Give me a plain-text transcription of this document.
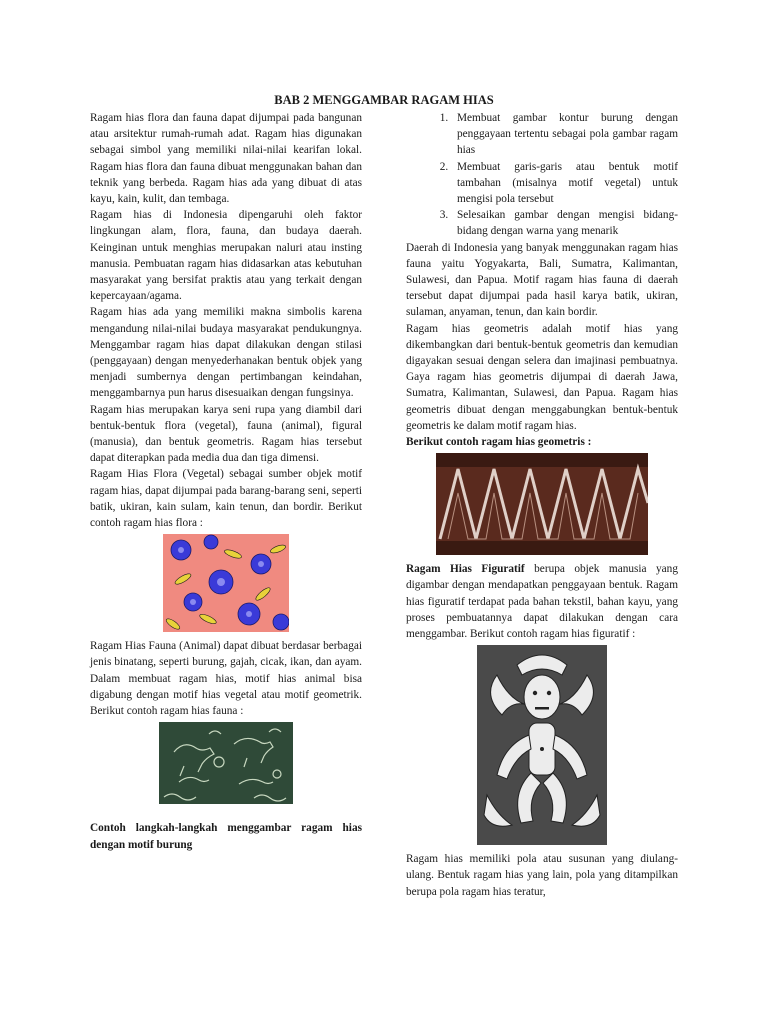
BAB 2 MENGGAMBAR RAGAM HIAS

Ragam hias flora dan fauna dapat dijumpai pada bangunan atau arsitektur rumah-rumah adat. Ragam hias digunakan sebagai simbol yang memiliki nilai-nilai kearifan lokal. Ragam hias flora dan fauna dibuat menggunakan bahan dan teknik yang berbeda. Ragam hias ada yang dibuat di atas kayu, kain, kulit, dan tembaga.

Ragam hias di Indonesia dipengaruhi oleh faktor lingkungan alam, flora, fauna, dan budaya daerah. Keinginan untuk menghias merupakan naluri atau insting manusia. Pembuatan ragam hias didasarkan atas kebutuhan masyarakat yang bersifat praktis atau yang terkait dengan kepercayaan/agama.

Ragam hias ada yang memiliki makna simbolis karena mengandung nilai-nilai budaya masyarakat pendukungnya. Menggambar ragam hias dapat dilakukan dengan stilasi (penggayaan) dengan menyederhanakan bentuk objek yang menjadi sumbernya dengan pertimbangan keindahan, menggambarnya pun harus disesuaikan dengan fungsinya.

Ragam hias merupakan karya seni rupa yang diambil dari bentuk-bentuk flora (vegetal), fauna (animal), figural (manusia), dan bentuk geometris. Ragam hias tersebut dapat diterapkan pada media dua dan tiga dimensi.

Ragam Hias Flora (Vegetal) sebagai sumber objek motif ragam hias, dapat dijumpai pada barang-barang seni, seperti batik, ukiran, kain sulam, kain tenun, dan bordir. Berikut contoh ragam hias flora :

Ragam Hias Fauna (Animal) dapat dibuat berdasar berbagai jenis binatang, seperti burung, gajah, cicak, ikan, dan ayam. Dalam membuat ragam hias, motif hias animal bisa digabung dengan motif hias vegetal atau motif geometrik. Berikut contoh ragam hias fauna :

Contoh langkah-langkah menggambar ragam hias dengan motif burung

1. Membuat gambar kontur burung dengan penggayaan tertentu sebagai pola gambar ragam hias
2. Membuat garis-garis atau bentuk motif tambahan (misalnya motif vegetal) untuk mengisi pola tersebut
3. Selesaikan gambar dengan mengisi bidang-bidang dengan warna yang menarik

Daerah di Indonesia yang banyak menggunakan ragam hias fauna yaitu Yogyakarta, Bali, Sumatra, Kalimantan, Sulawesi, dan Papua. Motif ragam hias fauna di daerah tersebut dapat dijumpai pada hasil karya batik, ukiran, sulaman, anyaman, tenun, dan kain bordir.

Ragam hias geometris adalah motif hias yang dikembangkan dari bentuk-bentuk geometris dan kemudian digayakan sesuai dengan selera dan imajinasi pembuatnya. Gaya ragam hias geometris dijumpai di daerah Jawa, Sumatra, Kalimantan, Sulawesi, dan Papua. Ragam hias geometris dibuat dengan menggabungkan bentuk-bentuk geometris ke dalam motif ragam hias.

Berikut contoh ragam hias geometris :

Ragam Hias Figuratif berupa objek manusia yang digambar dengan mendapatkan penggayaan bentuk. Ragam hias figuratif terdapat pada bahan tekstil, bahan kayu, yang proses pembuatannya dapat dilakukan dengan cara menggambar. Berikut contoh ragam hias figuratif :

Ragam hias memiliki pola atau susunan yang diulang-ulang. Bentuk ragam hias yang lain, pola yang ditampilkan berupa pola ragam hias teratur,
